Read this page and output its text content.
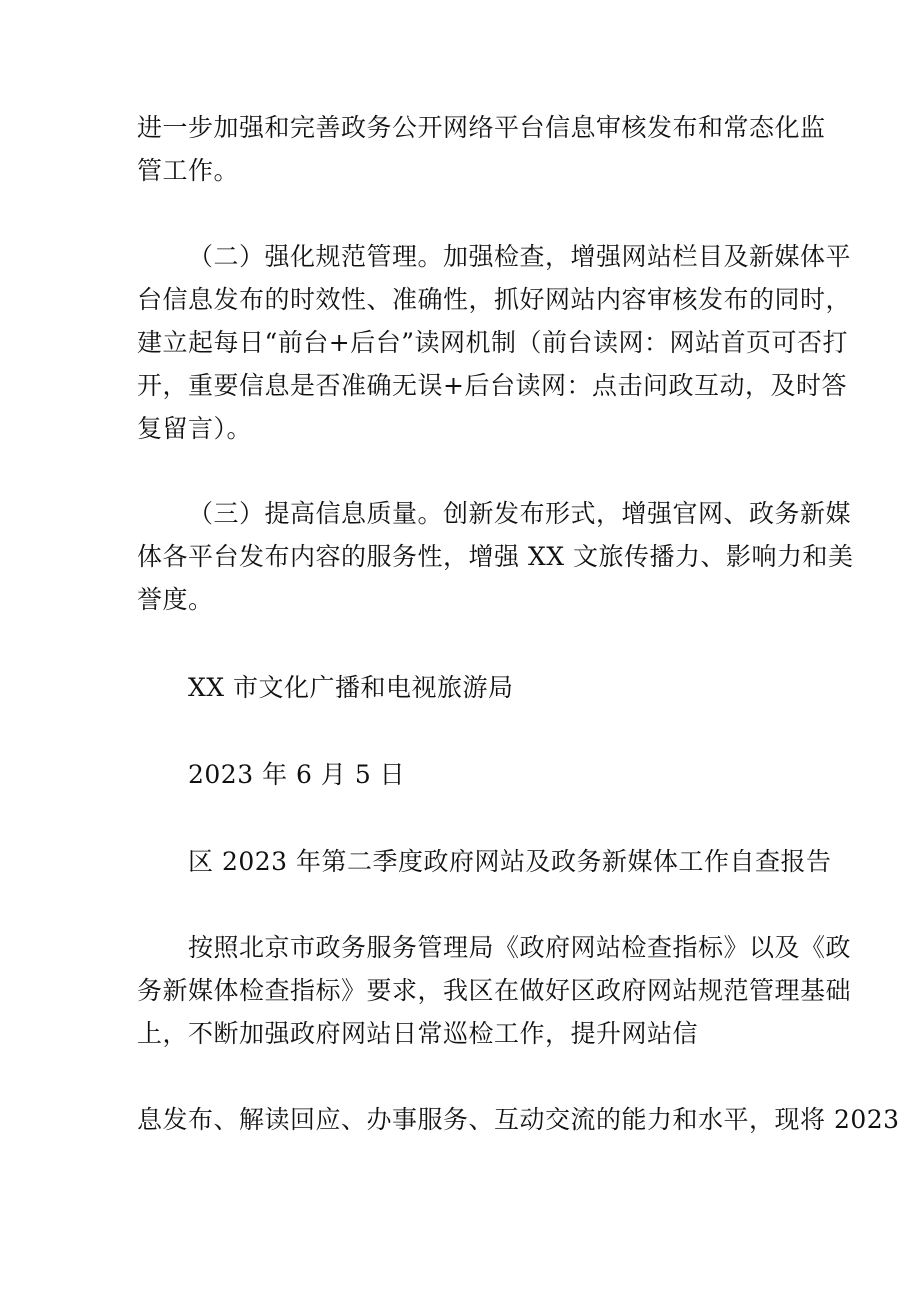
进一步加强和完善政务公开网络平台信息审核发布和常态化监
管工作。
（二）强化规范管理。加强检查，增强网站栏目及新媒体平
台信息发布的时效性、准确性，抓好网站内容审核发布的同时，
建立起每日“前台+后台”读网机制（前台读网：网站首页可否打
开，重要信息是否准确无误+后台读网：点击问政互动，及时答
复留言）。
（三）提高信息质量。创新发布形式，增强官网、政务新媒
体各平台发布内容的服务性，增强 XX 文旅传播力、影响力和美
誉度。
XX 市文化广播和电视旅游局
2023 年 6 月 5 日
区 2023 年第二季度政府网站及政务新媒体工作自查报告
按照北京市政务服务管理局《政府网站检查指标》以及《政
务新媒体检查指标》要求，我区在做好区政府网站规范管理基础
上，不断加强政府网站日常巡检工作，提升网站信
息发布、解读回应、办事服务、互动交流的能力和水平，现将 2023
